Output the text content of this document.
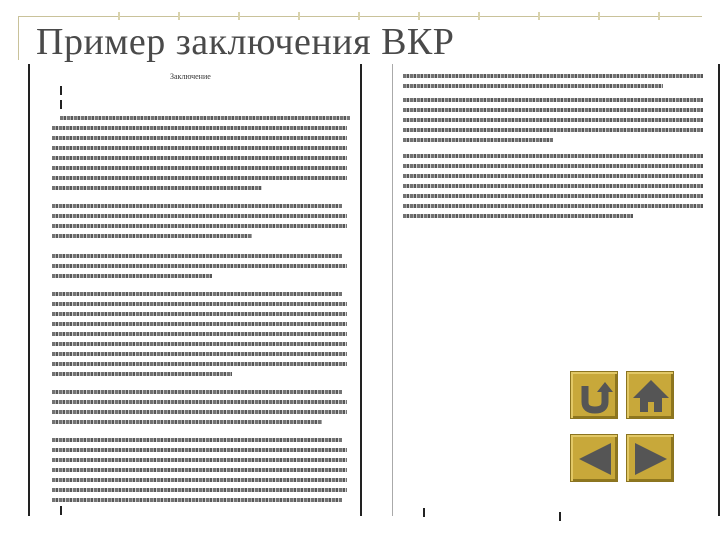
Пример заключения ВКР
Заключение
